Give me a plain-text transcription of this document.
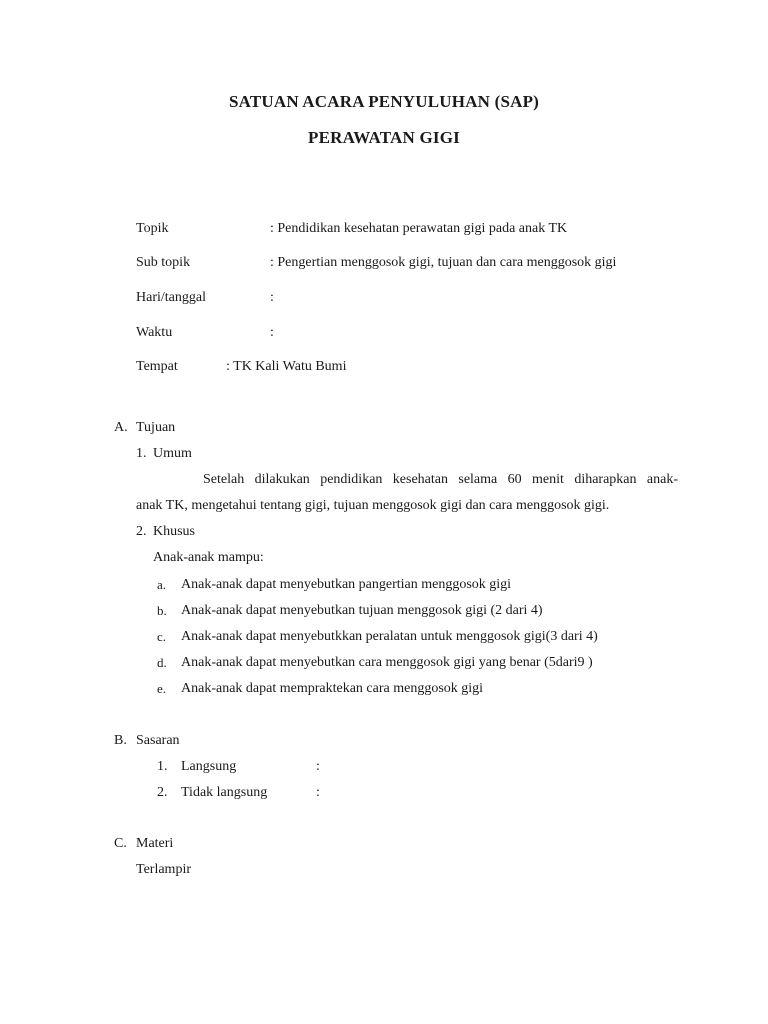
SATUAN ACARA PENYULUHAN (SAP)
PERAWATAN GIGI
Topik	: Pendidikan kesehatan perawatan gigi pada anak TK
Sub topik	: Pengertian menggosok gigi, tujuan dan cara menggosok gigi
Hari/tanggal	:
Waktu	:
Tempat	: TK Kali Watu Bumi
A. Tujuan
1. Umum
Setelah dilakukan pendidikan kesehatan selama 60 menit diharapkan anak-
anak TK, mengetahui tentang gigi, tujuan menggosok gigi dan cara menggosok gigi.
2. Khusus
Anak-anak mampu:
a. Anak-anak dapat menyebutkan pangertian menggosok gigi
b. Anak-anak dapat menyebutkan tujuan menggosok gigi (2 dari 4)
c. Anak-anak dapat menyebutkkan peralatan untuk menggosok gigi(3 dari 4)
d. Anak-anak dapat menyebutkan cara menggosok gigi yang benar (5dari9 )
e. Anak-anak dapat mempraktekan cara menggosok gigi
B. Sasaran
1. Langsung	:
2. Tidak langsung	:
C. Materi
Terlampir
